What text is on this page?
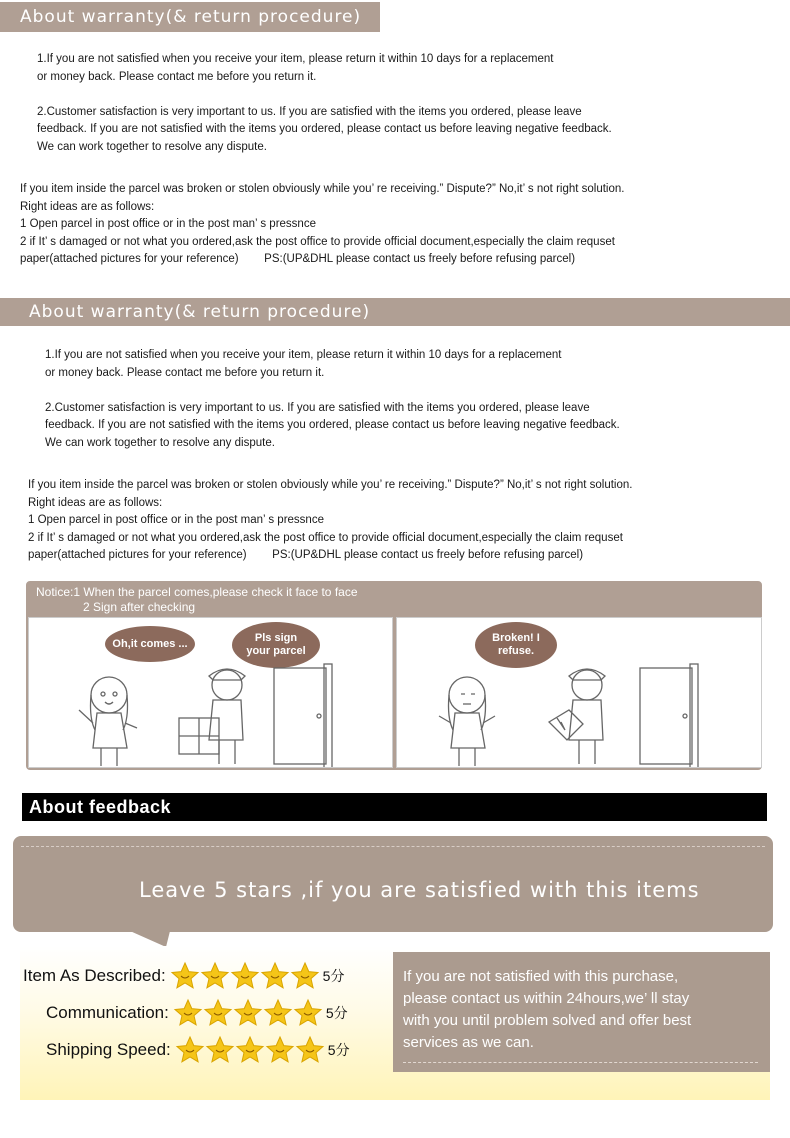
About warranty(& return procedure)
1.If you are not satisfied when you receive your item, please return it within 10 days for a replacement
or money back. Please contact me before you return it.
2.Customer satisfaction is very important to us. If you are satisfied with the items you ordered, please leave
feedback. If you are not satisfied with the items you ordered, please contact us before leaving negative feedback.
We can work together to resolve any dispute.
If you item inside the parcel was broken or stolen obviously while you’ re receiving.” Dispute?” No,it’ s not right solution.
Right ideas are as follows:
1 Open parcel in post office or in the post man’ s pressnce
2 if It’ s damaged or not what you ordered,ask the post office to provide official document,especially the claim requset
paper(attached pictures for your reference)        PS:(UP&DHL please contact us freely before refusing parcel)
About warranty(& return procedure)
1.If you are not satisfied when you receive your item, please return it within 10 days for a replacement
or money back. Please contact me before you return it.
2.Customer satisfaction is very important to us. If you are satisfied with the items you ordered, please leave
feedback. If you are not satisfied with the items you ordered, please contact us before leaving negative feedback.
We can work together to resolve any dispute.
If you item inside the parcel was broken or stolen obviously while you’ re receiving.” Dispute?” No,it’ s not right solution.
Right ideas are as follows:
1 Open parcel in post office or in the post man’ s pressnce
2 if It’ s damaged or not what you ordered,ask the post office to provide official document,especially the claim requset
paper(attached pictures for your reference)        PS:(UP&DHL please contact us freely before refusing parcel)
Notice:1 When the parcel comes,please check it face to face
2 Sign after checking
Oh,it comes ...	Pls sign your parcel
Broken! I refuse.
About feedback
Leave 5 stars ,if you are satisfied with this items
Item As Described:	5分
Communication:	5分
Shipping Speed:	5分
If you are not satisfied with this purchase,
please contact us within 24hours,we’ ll stay
with you until problem solved and offer best
services as we can.
